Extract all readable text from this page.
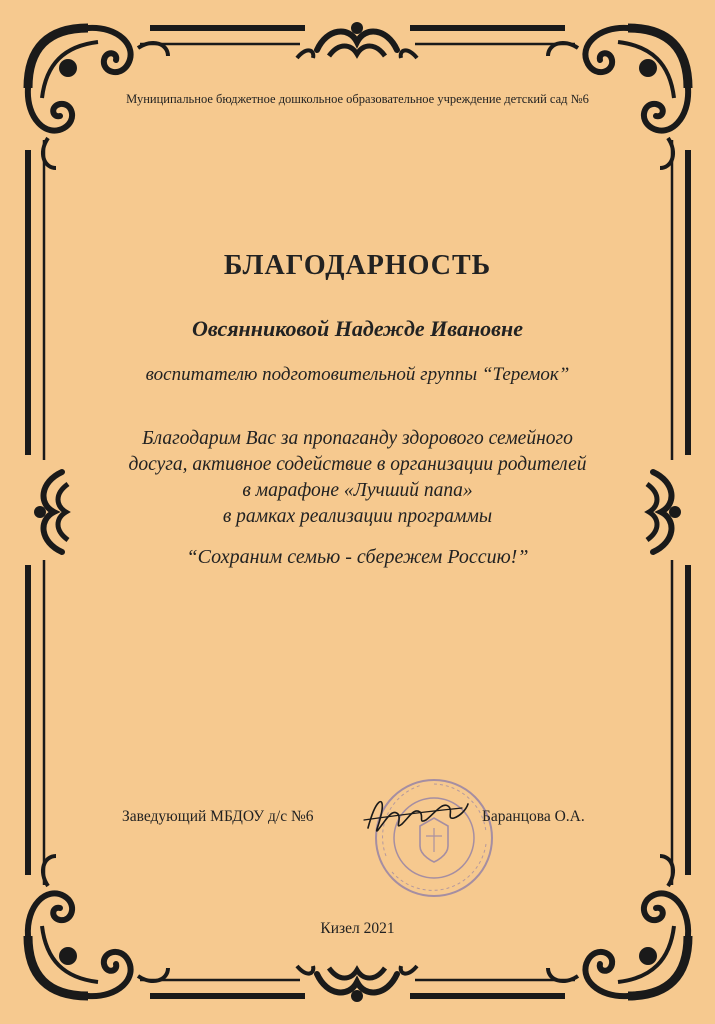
Муниципальное бюджетное дошкольное образовательное учреждение детский сад №6
БЛАГОДАРНОСТЬ
Овсянниковой Надежде Ивановне
воспитателю подготовительной группы “Теремок”
Благодарим Вас за пропаганду здорового семейного
досуга, активное содействие в организации родителей
в марафоне «Лучший папа»
в рамках реализации программы
“Сохраним семью - сбережем Россию!”
Заведующий МБДОУ д/с №6	Баранцова О.А.
Кизел 2021
